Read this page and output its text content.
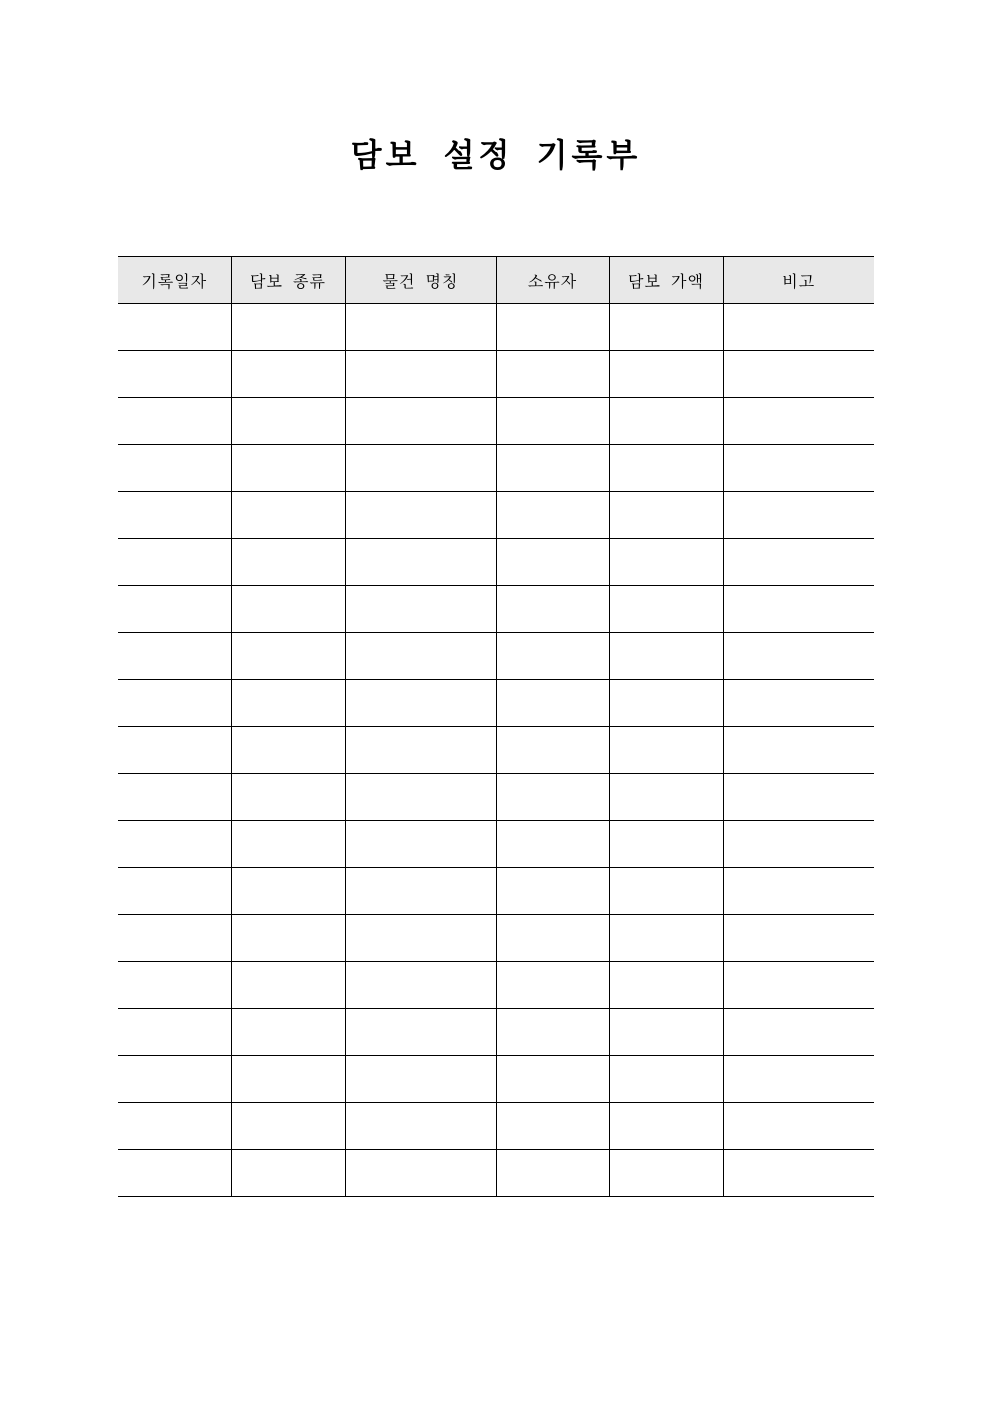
담보 설정 기록부
기록일자	담보 종류	물건 명칭	소유자	담보 가액	비고
